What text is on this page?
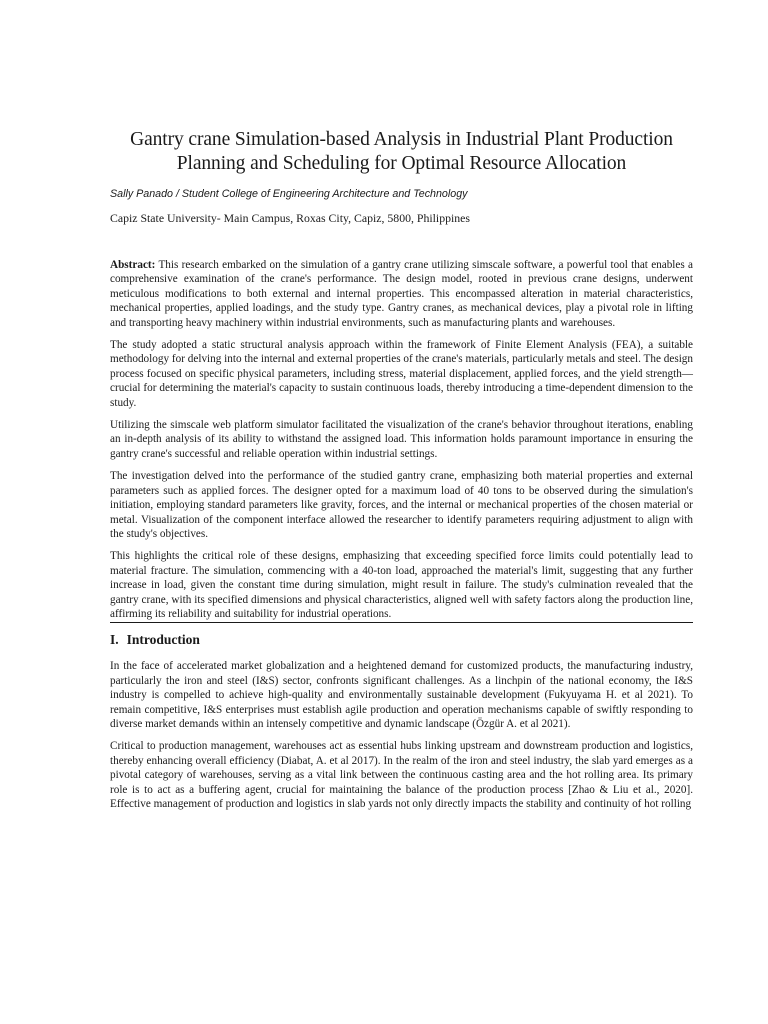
Gantry crane Simulation-based Analysis in Industrial Plant Production Planning and Scheduling for Optimal Resource Allocation
Sally Panado / Student College of Engineering Architecture and Technology
Capiz State University- Main Campus, Roxas City, Capiz, 5800, Philippines

Abstract: This research embarked on the simulation of a gantry crane utilizing simscale software, a powerful tool that enables a comprehensive examination of the crane's performance. The design model, rooted in previous crane designs, underwent meticulous modifications to both external and internal properties. This encompassed alteration in material characteristics, mechanical properties, applied loadings, and the study type. Gantry cranes, as mechanical devices, play a pivotal role in lifting and transporting heavy machinery within industrial environments, such as manufacturing plants and warehouses.

The study adopted a static structural analysis approach within the framework of Finite Element Analysis (FEA), a suitable methodology for delving into the internal and external properties of the crane's materials, particularly metals and steel. The design process focused on specific physical parameters, including stress, material displacement, applied forces, and the yield strength—crucial for determining the material's capacity to sustain continuous loads, thereby introducing a time-dependent dimension to the study.

Utilizing the simscale web platform simulator facilitated the visualization of the crane's behavior throughout iterations, enabling an in-depth analysis of its ability to withstand the assigned load. This information holds paramount importance in ensuring the gantry crane's successful and reliable operation within industrial settings.

The investigation delved into the performance of the studied gantry crane, emphasizing both material properties and external parameters such as applied forces. The designer opted for a maximum load of 40 tons to be observed during the simulation's initiation, employing standard parameters like gravity, forces, and the internal or mechanical properties of the chosen material or metal. Visualization of the component interface allowed the researcher to identify parameters requiring adjustment to align with the study's objectives.

This highlights the critical role of these designs, emphasizing that exceeding specified force limits could potentially lead to material fracture. The simulation, commencing with a 40-ton load, approached the material's limit, suggesting that any further increase in load, given the constant time during simulation, might result in failure. The study's culmination revealed that the gantry crane, with its specified dimensions and physical characteristics, aligned well with safety factors along the production line, affirming its reliability and suitability for industrial operations.

I. Introduction

In the face of accelerated market globalization and a heightened demand for customized products, the manufacturing industry, particularly the iron and steel (I&S) sector, confronts significant challenges. As a linchpin of the national economy, the I&S industry is compelled to achieve high-quality and environmentally sustainable development (Fukyuyama H. et al 2021). To remain competitive, I&S enterprises must establish agile production and operation mechanisms capable of swiftly responding to diverse market demands within an intensely competitive and dynamic landscape (Özgür A. et al 2021).

Critical to production management, warehouses act as essential hubs linking upstream and downstream production and logistics, thereby enhancing overall efficiency (Diabat, A. et al 2017). In the realm of the iron and steel industry, the slab yard emerges as a pivotal category of warehouses, serving as a vital link between the continuous casting area and the hot rolling area. Its primary role is to act as a buffering agent, crucial for maintaining the balance of the production process [Zhao & Liu et al., 2020]. Effective management of production and logistics in slab yards not only directly impacts the stability and continuity of hot rolling
